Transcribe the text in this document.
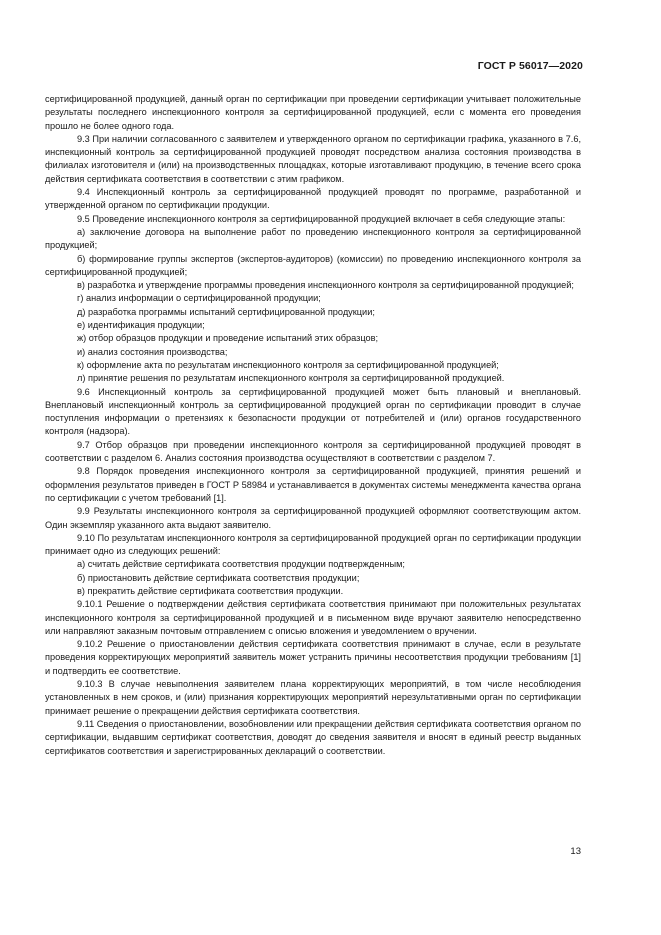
ГОСТ Р 56017—2020

сертифицированной продукцией, данный орган по сертификации при проведении сертификации учитывает положительные результаты последнего инспекционного контроля за сертифицированной продукцией, если с момента его проведения прошло не более одного года.

9.3 При наличии согласованного с заявителем и утвержденного органом по сертификации графика, указанного в 7.6, инспекционный контроль за сертифицированной продукцией проводят посредством анализа состояния производства в филиалах изготовителя и (или) на производственных площадках, которые изготавливают продукцию, в течение всего срока действия сертификата соответствия в соответствии с этим графиком.

9.4 Инспекционный контроль за сертифицированной продукцией проводят по программе, разработанной и утвержденной органом по сертификации продукции.

9.5 Проведение инспекционного контроля за сертифицированной продукцией включает в себя следующие этапы:

а) заключение договора на выполнение работ по проведению инспекционного контроля за сертифицированной продукцией;

б) формирование группы экспертов (экспертов-аудиторов) (комиссии) по проведению инспекционного контроля за сертифицированной продукцией;

в) разработка и утверждение программы проведения инспекционного контроля за сертифицированной продукцией;

г) анализ информации о сертифицированной продукции;

д) разработка программы испытаний сертифицированной продукции;

е) идентификация продукции;

ж) отбор образцов продукции и проведение испытаний этих образцов;

и) анализ состояния производства;

к) оформление акта по результатам инспекционного контроля за сертифицированной продукцией;

л) принятие решения по результатам инспекционного контроля за сертифицированной продукцией.

9.6 Инспекционный контроль за сертифицированной продукцией может быть плановый и внеплановый. Внеплановый инспекционный контроль за сертифицированной продукцией орган по сертификации проводит в случае поступления информации о претензиях к безопасности продукции от потребителей и (или) органов государственного контроля (надзора).

9.7 Отбор образцов при проведении инспекционного контроля за сертифицированной продукцией проводят в соответствии с разделом 6. Анализ состояния производства осуществляют в соответствии с разделом 7.

9.8 Порядок проведения инспекционного контроля за сертифицированной продукцией, принятия решений и оформления результатов приведен в ГОСТ Р 58984 и устанавливается в документах системы менеджмента качества органа по сертификации с учетом требований [1].

9.9 Результаты инспекционного контроля за сертифицированной продукцией оформляют соответствующим актом. Один экземпляр указанного акта выдают заявителю.

9.10 По результатам инспекционного контроля за сертифицированной продукцией орган по сертификации продукции принимает одно из следующих решений:

а) считать действие сертификата соответствия продукции подтвержденным;

б) приостановить действие сертификата соответствия продукции;

в) прекратить действие сертификата соответствия продукции.

9.10.1 Решение о подтверждении действия сертификата соответствия принимают при положительных результатах инспекционного контроля за сертифицированной продукцией и в письменном виде вручают заявителю непосредственно или направляют заказным почтовым отправлением с описью вложения и уведомлением о вручении.

9.10.2 Решение о приостановлении действия сертификата соответствия принимают в случае, если в результате проведения корректирующих мероприятий заявитель может устранить причины несоответствия продукции требованиям [1] и подтвердить ее соответствие.

9.10.3 В случае невыполнения заявителем плана корректирующих мероприятий, в том числе несоблюдения установленных в нем сроков, и (или) признания корректирующих мероприятий нерезультативными орган по сертификации принимает решение о прекращении действия сертификата соответствия.

9.11 Сведения о приостановлении, возобновлении или прекращении действия сертификата соответствия органом по сертификации, выдавшим сертификат соответствия, доводят до сведения заявителя и вносят в единый реестр выданных сертификатов соответствия и зарегистрированных деклараций о соответствии.

13
